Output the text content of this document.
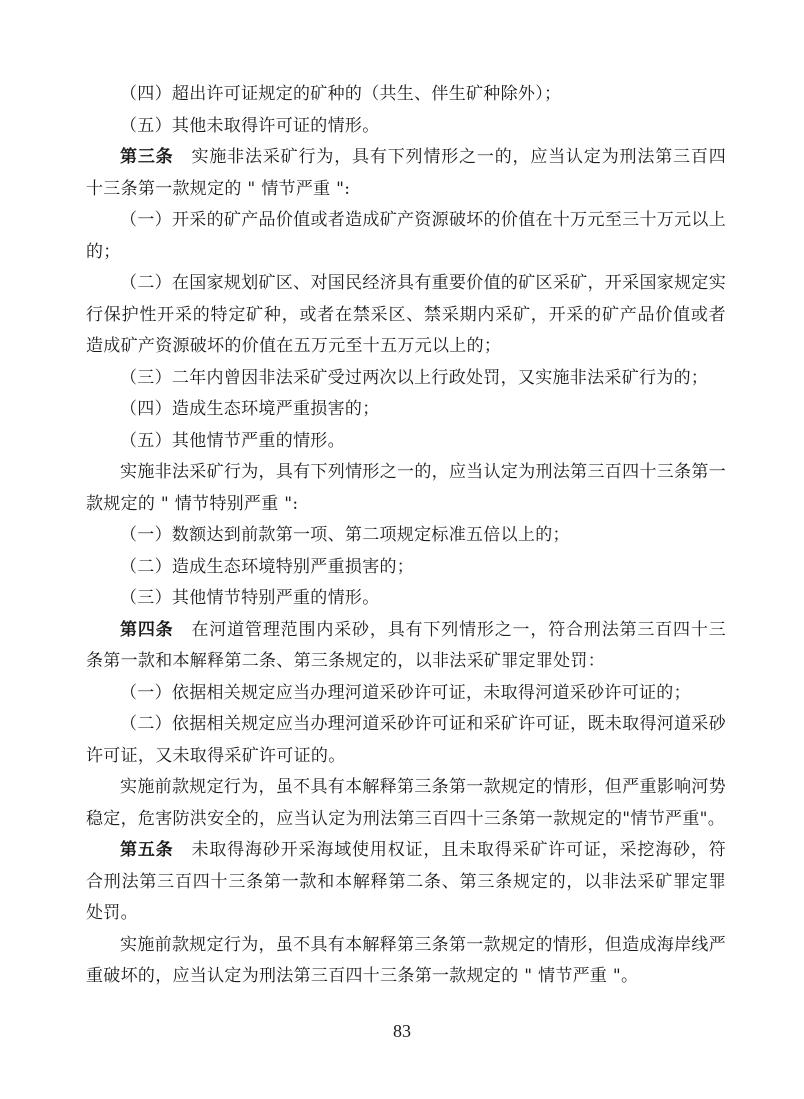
（四）超出许可证规定的矿种的（共生、伴生矿种除外）；

（五）其他未取得许可证的情形。

第三条 实施非法采矿行为，具有下列情形之一的，应当认定为刑法第三百四十三条第一款规定的 " 情节严重 ":

（一）开采的矿产品价值或者造成矿产资源破坏的价值在十万元至三十万元以上的；

（二）在国家规划矿区、对国民经济具有重要价值的矿区采矿，开采国家规定实行保护性开采的特定矿种，或者在禁采区、禁采期内采矿，开采的矿产品价值或者造成矿产资源破坏的价值在五万元至十五万元以上的；

（三）二年内曾因非法采矿受过两次以上行政处罚，又实施非法采矿行为的；

（四）造成生态环境严重损害的；

（五）其他情节严重的情形。

实施非法采矿行为，具有下列情形之一的，应当认定为刑法第三百四十三条第一款规定的 " 情节特别严重 ":

（一）数额达到前款第一项、第二项规定标准五倍以上的；

（二）造成生态环境特别严重损害的；

（三）其他情节特别严重的情形。

第四条 在河道管理范围内采砂，具有下列情形之一，符合刑法第三百四十三条第一款和本解释第二条、第三条规定的，以非法采矿罪定罪处罚：

（一）依据相关规定应当办理河道采砂许可证，未取得河道采砂许可证的；

（二）依据相关规定应当办理河道采砂许可证和采矿许可证，既未取得河道采砂许可证，又未取得采矿许可证的。

实施前款规定行为，虽不具有本解释第三条第一款规定的情形，但严重影响河势稳定，危害防洪安全的，应当认定为刑法第三百四十三条第一款规定的"情节严重"。

第五条 未取得海砂开采海域使用权证，且未取得采矿许可证，采挖海砂，符合刑法第三百四十三条第一款和本解释第二条、第三条规定的，以非法采矿罪定罪处罚。

实施前款规定行为，虽不具有本解释第三条第一款规定的情形，但造成海岸线严重破坏的，应当认定为刑法第三百四十三条第一款规定的 " 情节严重 "。

83
